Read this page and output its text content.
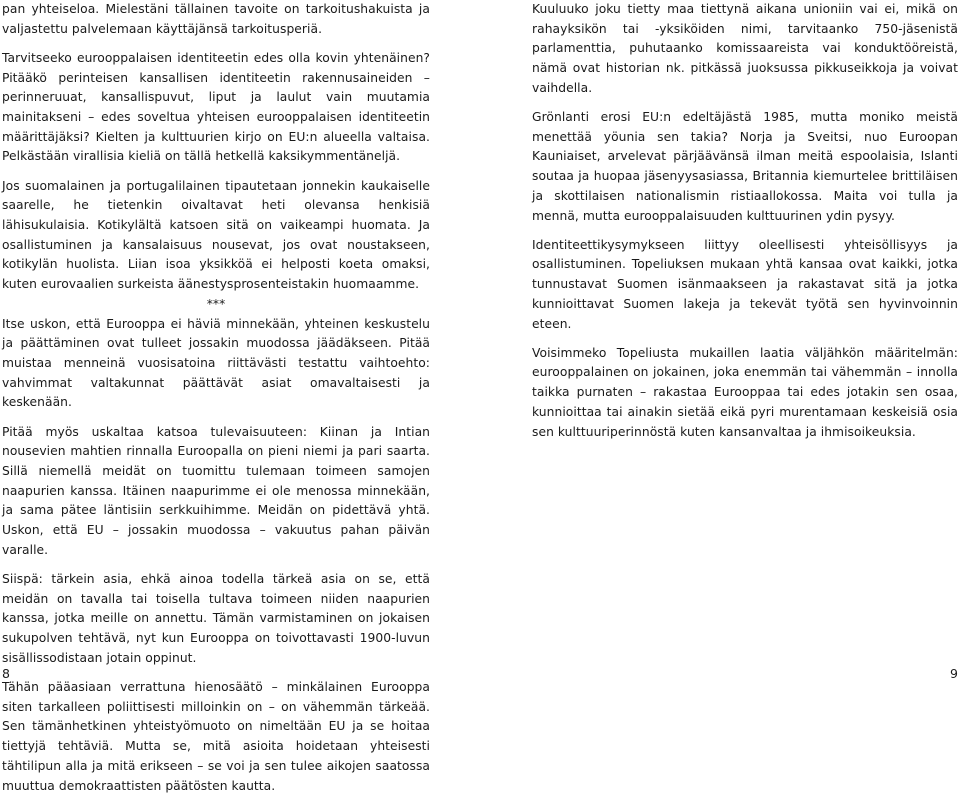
pan yhteiseloa. Mielestäni tällainen tavoite on tarkoitushakuista ja valjastettu palvelemaan käyttäjänsä tarkoitusperiä.

Tarvitseeko eurooppalaisen identiteetin edes olla kovin yhtenäinen? Pitääkö perinteisen kansallisen identiteetin rakennusaineiden – perinneruuat, kansallispuvut, liput ja laulut vain muutamia mainitakseni – edes soveltua yhteisen eurooppalaisen identiteetin määrittäjäksi? Kielten ja kulttuurien kirjo on EU:n alueella valtaisa. Pelkästään virallisia kieliä on tällä hetkellä kaksikymmentäneljä.

Jos suomalainen ja portugalilainen tipautetaan jonnekin kaukaiselle saarelle, he tietenkin oivaltavat heti olevansa henkisiä lähisukulaisia. Kotikylältä katsoen sitä on vaikeampi huomata. Ja osallistuminen ja kansalaisuus nousevat, jos ovat noustakseen, kotikylän huolista. Liian isoa yksikköä ei helposti koeta omaksi, kuten eurovaalien surkeista äänestysprosenteistakin huomaamme.

***

Itse uskon, että Eurooppa ei häviä minnekään, yhteinen keskustelu ja päättäminen ovat tulleet jossakin muodossa jäädäkseen. Pitää muistaa menneinä vuosisatoina riittävästi testattu vaihtoehto: vahvimmat valtakunnat päättävät asiat omavaltaisesti ja keskenään.

Pitää myös uskaltaa katsoa tulevaisuuteen: Kiinan ja Intian nousevien mahtien rinnalla Euroopalla on pieni niemi ja pari saarta. Sillä niemellä meidät on tuomittu tulemaan toimeen samojen naapurien kanssa. Itäinen naapurimme ei ole menossa minnekään, ja sama pätee läntisiin serkkuihimme. Meidän on pidettävä yhtä. Uskon, että EU – jossakin muodossa – vakuutus pahan päivän varalle.

Siispä: tärkein asia, ehkä ainoa todella tärkeä asia on se, että meidän on tavalla tai toisella tultava toimeen niiden naapurien kanssa, jotka meille on annettu. Tämän varmistaminen on jokaisen sukupolven tehtävä, nyt kun Eurooppa on toivottavasti 1900-luvun sisällissodistaan jotain oppinut.

Tähän pääasiaan verrattuna hienosäätö – minkälainen Eurooppa siten tarkalleen poliittisesti milloinkin on – on vähemmän tärkeää. Sen tämänhetkinen yhteistyömuoto on nimeltään EU ja se hoitaa tiettyjä tehtäviä. Mutta se, mitä asioita hoidetaan yhteisesti tähtilipun alla ja mitä erikseen – se voi ja sen tulee aikojen saatossa muuttua demokraattisten päätösten kautta.

Kuuluuko joku tietty maa tiettynä aikana unioniin vai ei, mikä on rahayksikön tai -yksiköiden nimi, tarvitaanko 750-jäsenistä parlamenttia, puhutaanko komissaareista vai konduktööreistä, nämä ovat historian nk. pitkässä juoksussa pikkuseikkoja ja voivat vaihdella.

Grönlanti erosi EU:n edeltäjästä 1985, mutta moniko meistä menettää yöunia sen takia? Norja ja Sveitsi, nuo Euroopan Kauniaiset, arvelevat pärjäävänsä ilman meitä espoolaisia, Islanti soutaa ja huopaa jäsenyysasiassa, Britannia kiemurtelee brittiläisen ja skottilaisen nationalismin ristiaallokossa. Maita voi tulla ja mennä, mutta eurooppalaisuuden kulttuurinen ydin pysyy.

Identiteettikysymykseen liittyy oleellisesti yhteisöllisyys ja osallistuminen. Topeliuksen mukaan yhtä kansaa ovat kaikki, jotka tunnustavat Suomen isänmaakseen ja rakastavat sitä ja jotka kunnioittavat Suomen lakeja ja tekevät työtä sen hyvinvoinnin eteen.

Voisimmeko Topeliusta mukaillen laatia väljähkön määritelmän: eurooppalainen on jokainen, joka enemmän tai vähemmän – innolla taikka purnaten – rakastaa Eurooppaa tai edes jotakin sen osaa, kunnioittaa tai ainakin sietää eikä pyri murentamaan keskeisiä osia sen kulttuuriperinnöstä kuten kansanvaltaa ja ihmisoikeuksia.

8	9
